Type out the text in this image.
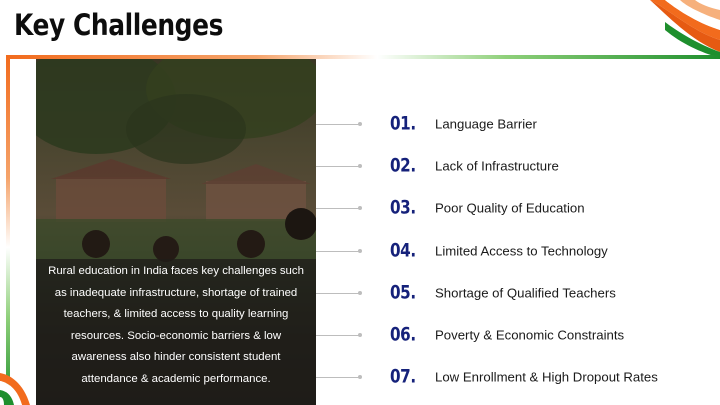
Key Challenges
Rural education in India faces key challenges such as inadequate infrastructure, shortage of trained teachers, & limited access to quality learning resources. Socio-economic barriers & low awareness also hinder consistent student attendance & academic performance.
01. Language Barrier
02. Lack of Infrastructure
03. Poor Quality of Education
04. Limited Access to Technology
05. Shortage of Qualified Teachers
06. Poverty & Economic Constraints
07. Low Enrollment & High Dropout Rates
